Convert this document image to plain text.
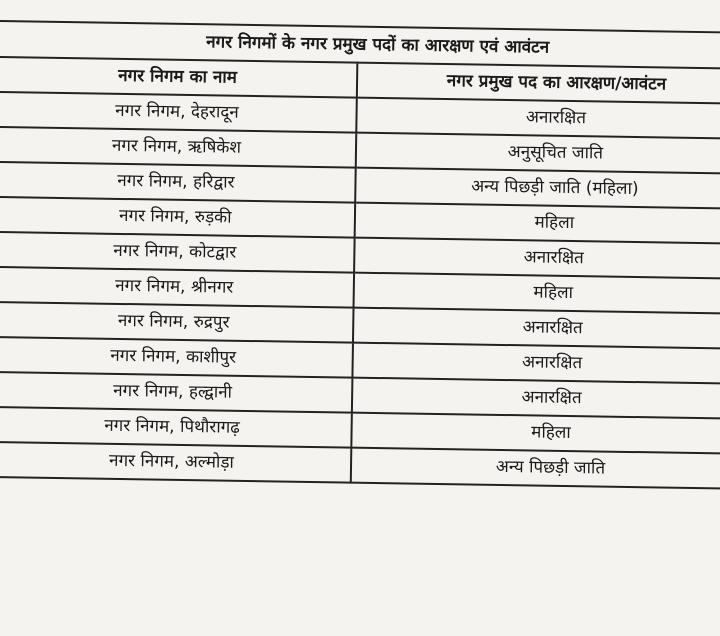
नगर निगमों के नगर प्रमुख पदों का आरक्षण एवं आवंटन	
नगर निगम का नाम	नगर प्रमुख पद का आरक्षण/आवंटन
नगर निगम, देहरादून	अनारक्षित
नगर निगम, ऋषिकेश	अनुसूचित जाति
नगर निगम, हरिद्वार	अन्य पिछड़ी जाति (महिला)
नगर निगम, रुड़की	महिला
नगर निगम, कोटद्वार	अनारक्षित
नगर निगम, श्रीनगर	महिला
नगर निगम, रुद्रपुर	अनारक्षित
नगर निगम, काशीपुर	अनारक्षित
नगर निगम, हल्द्वानी	अनारक्षित
नगर निगम, पिथौरागढ़	महिला
नगर निगम, अल्मोड़ा	अन्य पिछड़ी जाति
